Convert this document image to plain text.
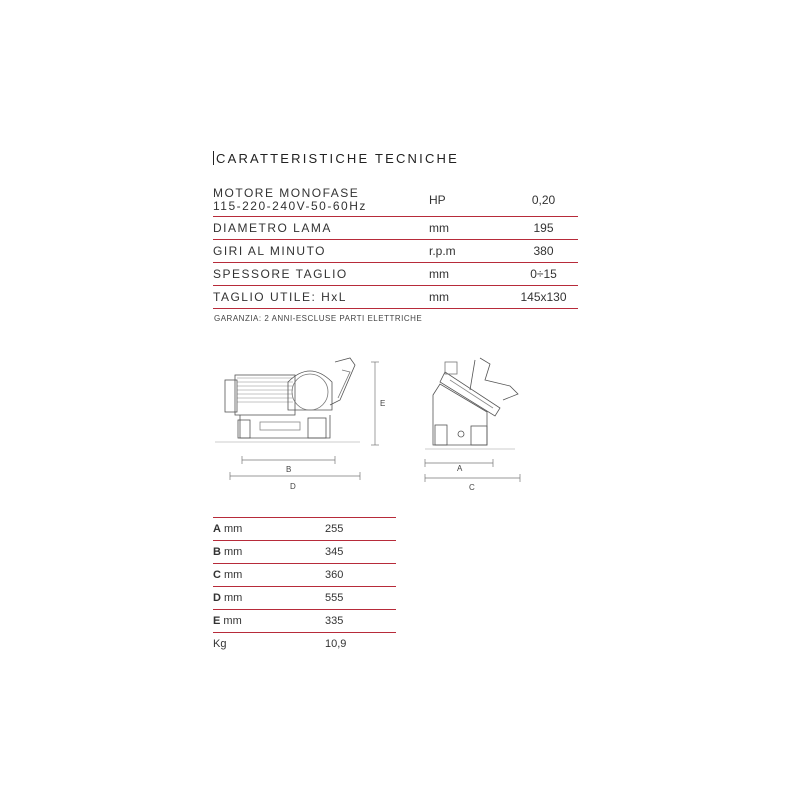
CARATTERISTICHE TECNICHE
MOTORE MONOFASE
115-220-240V-50-60Hz	HP	0,20
DIAMETRO LAMA	mm	195
GIRI AL MINUTO	r.p.m	380
SPESSORE TAGLIO	mm	0÷15
TAGLIO UTILE: HxL	mm	145x130
GARANZIA: 2 ANNI-ESCLUSE PARTI ELETTRICHE
E
B
D
A
C
A mm	255
B mm	345
C mm	360
D mm	555
E mm	335
Kg	10,9
